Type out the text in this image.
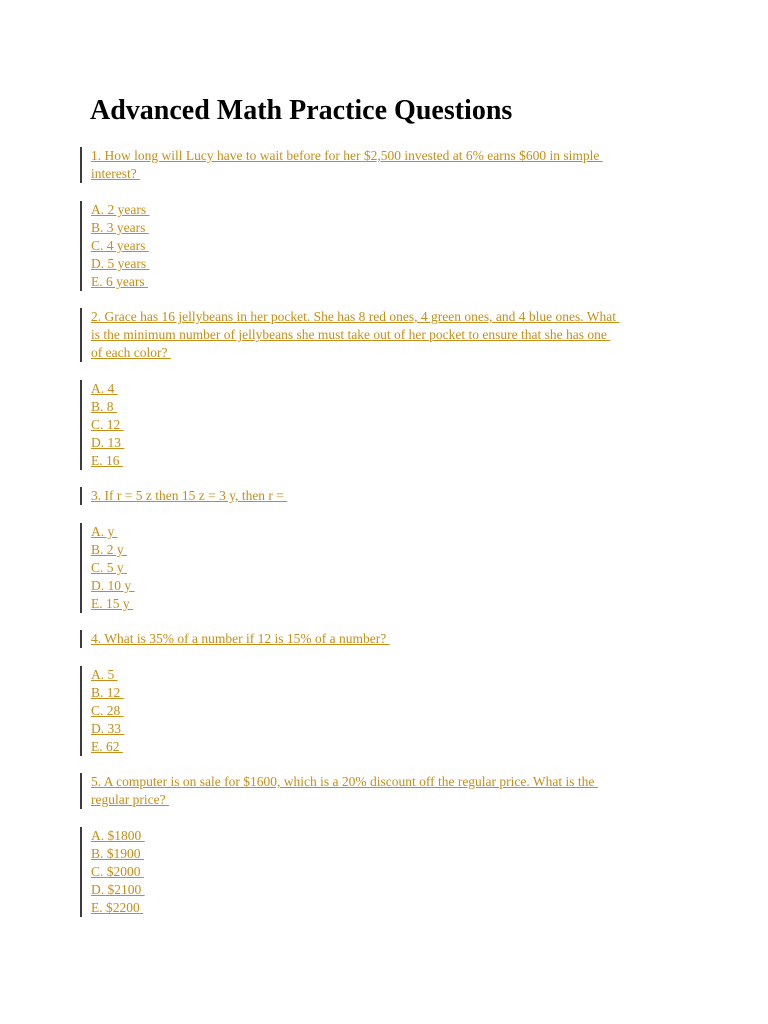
Advanced Math Practice Questions
1. How long will Lucy have to wait before for her $2,500 invested at 6% earns $600 in simple
interest?
A. 2 years
B. 3 years
C. 4 years
D. 5 years
E. 6 years
2. Grace has 16 jellybeans in her pocket. She has 8 red ones, 4 green ones, and 4 blue ones. What
is the minimum number of jellybeans she must take out of her pocket to ensure that she has one
of each color?
A. 4
B. 8
C. 12
D. 13
E. 16
3. If r = 5 z then 15 z = 3 y, then r =
A. y
B. 2 y
C. 5 y
D. 10 y
E. 15 y
4. What is 35% of a number if 12 is 15% of a number?
A. 5
B. 12
C. 28
D. 33
E. 62
5. A computer is on sale for $1600, which is a 20% discount off the regular price. What is the
regular price?
A. $1800
B. $1900
C. $2000
D. $2100
E. $2200
